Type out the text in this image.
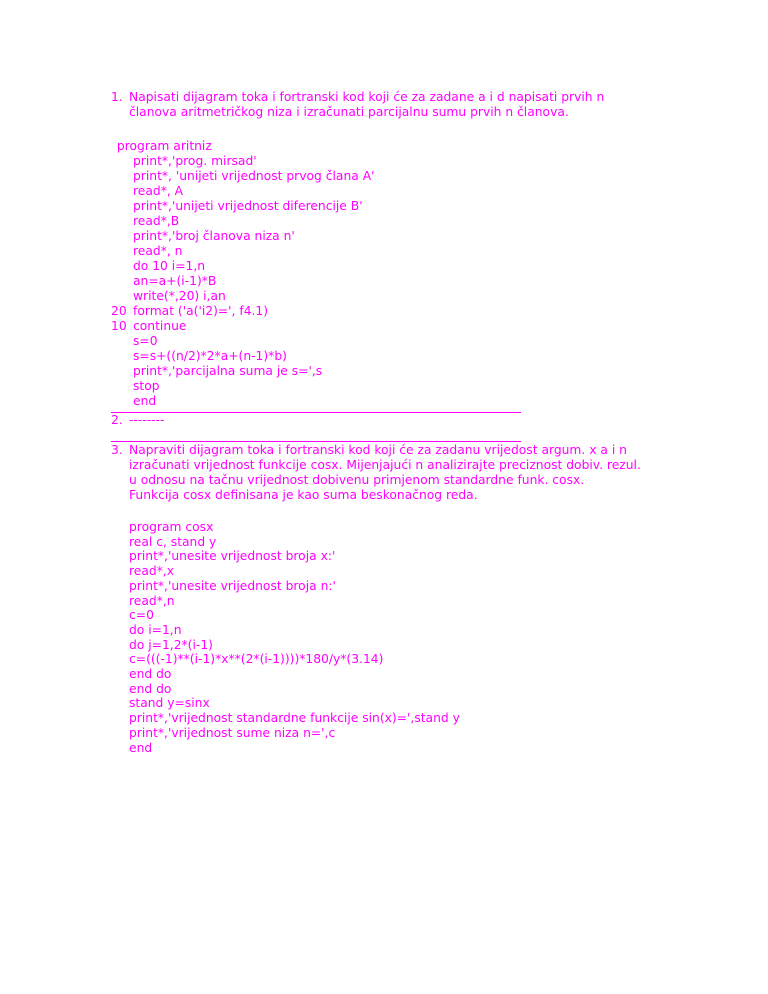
1. Napisati dijagram toka i fortranski kod koji će za zadane a i d napisati prvih n
članova aritmetričkog niza i izračunati parcijalnu sumu prvih n članova.
program aritniz
print*,'prog. mirsad'
print*, 'unijeti vrijednost prvog člana A'
read*, A
print*,'unijeti vrijednost diferencije B'
read*,B
print*,'broj članova niza n'
read*, n
do 10 i=1,n
an=a+(i-1)*B
write(*,20) i,an
20 format ('a('i2)=', f4.1)
10 continue
s=0
s=s+((n/2)*2*a+(n-1)*b)
print*,'parcijalna suma je s=',s
stop
end
2. --------
3. Napraviti dijagram toka i fortranski kod koji će za zadanu vrijedost argum. x a i n
izračunati vrijednost funkcije cosx. Mijenjajući n analizirajte preciznost dobiv. rezul.
u odnosu na tačnu vrijednost dobivenu primjenom standardne funk. cosx.
Funkcija cosx definisana je kao suma beskonačnog reda.
program cosx
real c, stand y
print*,'unesite vrijednost broja x:'
read*,x
print*,'unesite vrijednost broja n:'
read*,n
c=0
do i=1,n
do j=1,2*(i-1)
c=(((-1)**(i-1)*x**(2*(i-1))))*180/y*(3.14)
end do
end do
stand y=sinx
print*,'vrijednost standardne funkcije sin(x)=',stand y
print*,'vrijednost sume niza n=',c
end
